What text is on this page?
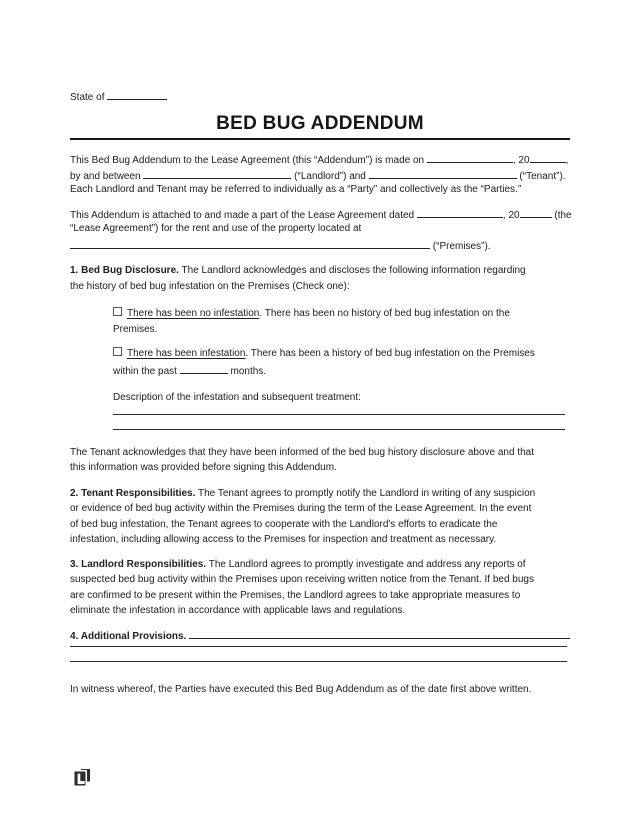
State of
BED BUG ADDENDUM
This Bed Bug Addendum to the Lease Agreement (this “Addendum”) is made on	, 20	,
by and between	(“Landlord”) and	(“Tenant”).
Each Landlord and Tenant may be referred to individually as a “Party” and collectively as the “Parties.”
This Addendum is attached to and made a part of the Lease Agreement dated	, 20	(the
“Lease Agreement”) for the rent and use of the property located at
(“Premises”).
1. Bed Bug Disclosure. The Landlord acknowledges and discloses the following information regarding
the history of bed bug infestation on the Premises (Check one):
There has been no infestation. There has been no history of bed bug infestation on the
Premises.
There has been infestation. There has been a history of bed bug infestation on the Premises
within the past	months.
Description of the infestation and subsequent treatment:
The Tenant acknowledges that they have been informed of the bed bug history disclosure above and that
this information was provided before signing this Addendum.
2. Tenant Responsibilities. The Tenant agrees to promptly notify the Landlord in writing of any suspicion
or evidence of bed bug activity within the Premises during the term of the Lease Agreement. In the event
of bed bug infestation, the Tenant agrees to cooperate with the Landlord's efforts to eradicate the
infestation, including allowing access to the Premises for inspection and treatment as necessary.
3. Landlord Responsibilities. The Landlord agrees to promptly investigate and address any reports of
suspected bed bug activity within the Premises upon receiving written notice from the Tenant. If bed bugs
are confirmed to be present within the Premises, the Landlord agrees to take appropriate measures to
eliminate the infestation in accordance with applicable laws and regulations.
4. Additional Provisions.
In witness whereof, the Parties have executed this Bed Bug Addendum as of the date first above written.
